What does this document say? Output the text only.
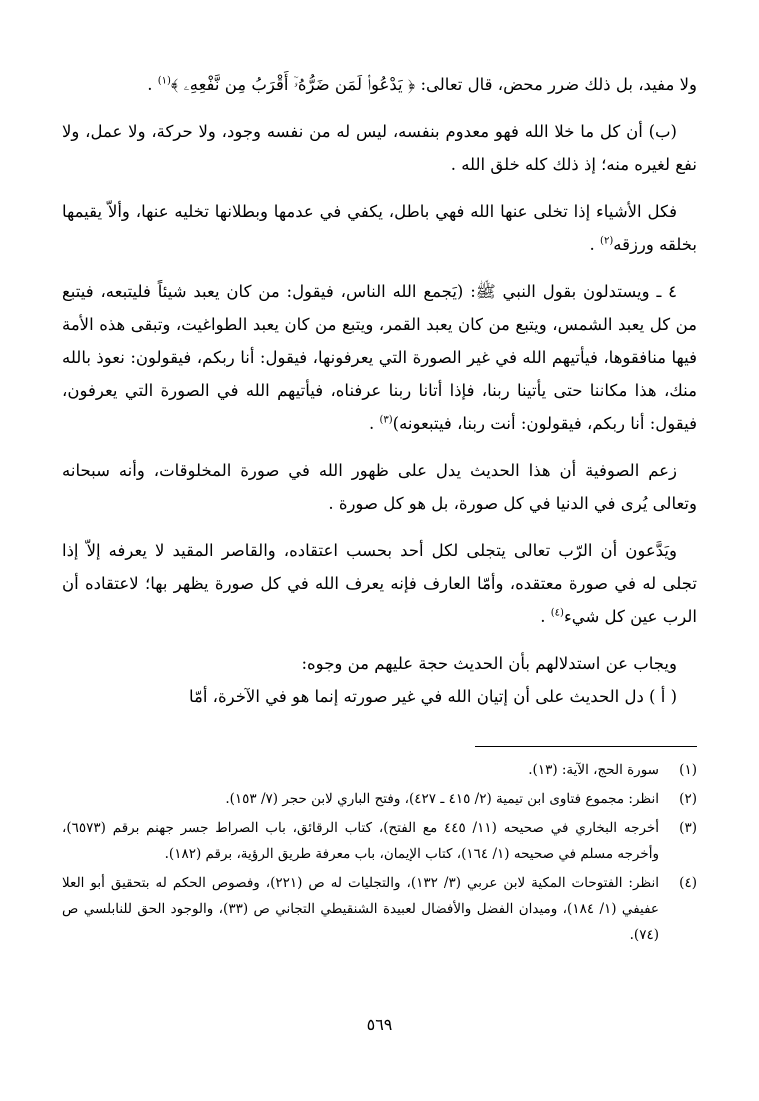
ولا مفيد، بل ذلك ضرر محض، قال تعالى: ﴿ يَدْعُوا۟ لَمَن ضَرُّهُۥٓ أَقْرَبُ مِن نَّفْعِهِۦ ﴾$^{(١)}$ .

(ب) أن كل ما خلا الله فهو معدوم بنفسه، ليس له من نفسه وجود، ولا حركة، ولا عمل، ولا نفع لغيره منه؛ إذ ذلك كله خلق الله .

فكل الأشياء إذا تخلى عنها الله فهي باطل، يكفي في عدمها وبطلانها تخليه عنها، وألاّ يقيمها بخلقه ورزقه$^{(٢)}$ .

٤ ـ ويستدلون بقول النبي ﷺ: (يَجمع الله الناس، فيقول: من كان يعبد شيئاً فليتبعه، فيتبع من كل يعبد الشمس، ويتبع من كان يعبد القمر، ويتبع من كان يعبد الطواغيت، وتبقى هذه الأمة فيها منافقوها، فيأتيهم الله في غير الصورة التي يعرفونها، فيقول: أنا ربكم، فيقولون: نعوذ بالله منك، هذا مكاننا حتى يأتينا ربنا، فإذا أتانا ربنا عرفناه، فيأتيهم الله في الصورة التي يعرفون، فيقول: أنا ربكم، فيقولون: أنت ربنا، فيتبعونه)$^{(٣)}$ .

زعم الصوفية أن هذا الحديث يدل على ظهور الله في صورة المخلوقات، وأنه سبحانه وتعالى يُرى في الدنيا في كل صورة، بل هو كل صورة .

ويَدَّعون أن الرّب تعالى يتجلى لكل أحد بحسب اعتقاده، والقاصر المقيد لا يعرفه إلاّ إذا تجلى له في صورة معتقده، وأمّا العارف فإنه يعرف الله في كل صورة يظهر بها؛ لاعتقاده أن الرب عين كل شيء$^{(٤)}$ .

ويجاب عن استدلالهم بأن الحديث حجة عليهم من وجوه:

( أ ) دل الحديث على أن إتيان الله في غير صورته إنما هو في الآخرة، أمّا

(١)
سورة الحج، الآية: (١٣).
(٢)
انظر: مجموع فتاوى ابن تيمية (٢/ ٤١٥ ـ ٤٢٧)، وفتح الباري لابن حجر (٧/ ١٥٣).
(٣)
أخرجه البخاري في صحيحه (١١/ ٤٤٥ مع الفتح)، كتاب الرقائق، باب الصراط جسر جهنم برقم (٦٥٧٣)، وأخرجه مسلم في صحيحه (١/ ١٦٤)، كتاب الإيمان، باب معرفة طريق الرؤية، برقم (١٨٢).
(٤)
انظر: الفتوحات المكية لابن عربي (٣/ ١٣٢)، والتجليات له ص (٢٢١)، وفصوص الحكم له بتحقيق أبو العلا عفيفي (١/ ١٨٤)، وميدان الفضل والأفضال لعبيدة الشنقيطي التجاني ص (٣٣)، والوجود الحق للنابلسي ص (٧٤).
٥٦٩
